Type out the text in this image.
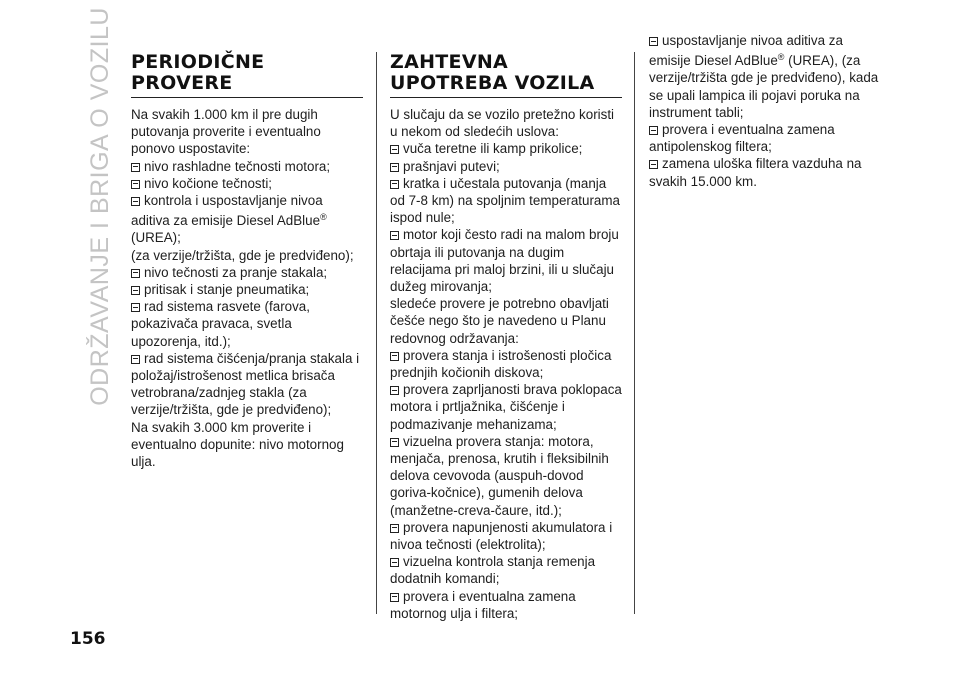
ODRŽAVANJE I BRIGA O VOZILU PERIODIČNE
PROVERE
Na svakih 1.000 km il pre dugih putovanja proverite i eventualno ponovo uspostavite:
nivo rashladne tečnosti motora;
nivo kočione tečnosti;
kontrola i uspostavljanje nivoa aditiva za emisije Diesel AdBlue® (UREA);
(za verzije/tržišta, gde je predviđeno);
nivo tečnosti za pranje stakala;
pritisak i stanje pneumatika;
rad sistema rasvete (farova, pokazivača pravaca, svetla upozorenja, itd.);
rad sistema čišćenja/pranja stakala i položaj/istrošenost metlica brisača vetrobrana/zadnjeg stakla (za verzije/tržišta, gde je predviđeno);
Na svakih 3.000 km proverite i eventualno dopunite: nivo motornog ulja.
ZAHTEVNA
UPOTREBA VOZILA
U slučaju da se vozilo pretežno koristi u nekom od sledećih uslova:
vuča teretne ili kamp prikolice;
prašnjavi putevi;
kratka i učestala putovanja (manja od 7-8 km) na spoljnim temperaturama ispod nule;
motor koji često radi na malom broju obrtaja ili putovanja na dugim relacijama pri maloj brzini, ili u slučaju dužeg mirovanja;
sledeće provere je potrebno obavljati češće nego što je navedeno u Planu redovnog održavanja:
provera stanja i istrošenosti pločica prednjih kočionih diskova;
provera zaprljanosti brava poklopaca motora i prtljažnika, čišćenje i podmazivanje mehanizama;
vizuelna provera stanja: motora, menjača, prenosa, krutih i fleksibilnih delova cevovoda (auspuh-dovod goriva-kočnice), gumenih delova (manžetne-creva-čaure, itd.);
provera napunjenosti akumulatora i nivoa tečnosti (elektrolita);
vizuelna kontrola stanja remenja dodatnih komandi;
provera i eventualna zamena motornog ulja i filtera;
uspostavljanje nivoa aditiva za emisije Diesel AdBlue® (UREA), (za verzije/tržišta gde je predviđeno), kada se upali lampica ili pojavi poruka na instrument tabli;
provera i eventualna zamena antipolenskog filtera;
zamena uloška filtera vazduha na svakih 15.000 km.
156
